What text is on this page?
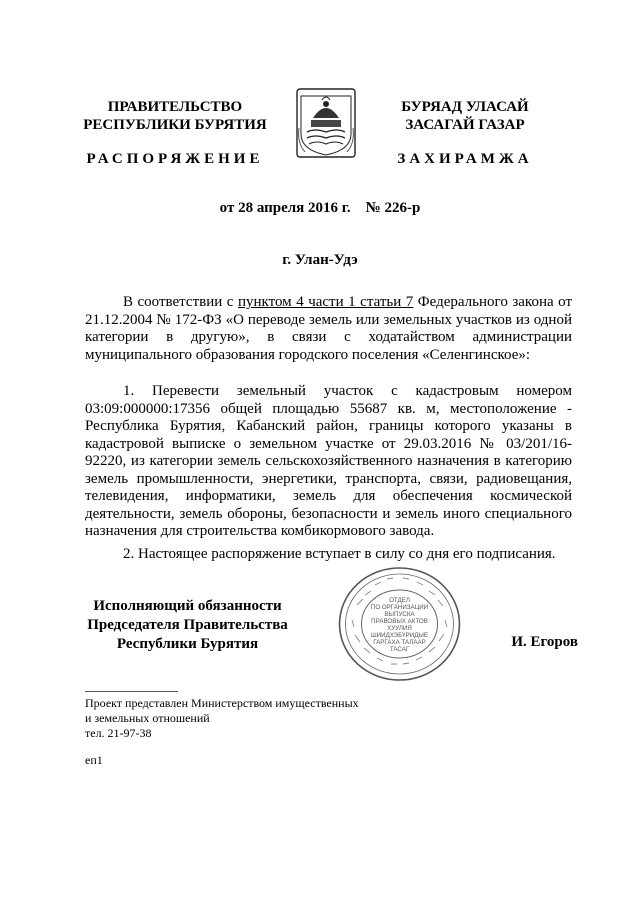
ПРАВИТЕЛЬСТВО
РЕСПУБЛИКИ БУРЯТИЯ
РАСПОРЯЖЕНИЕ
БУРЯАД УЛАСАЙ
ЗАСАГАЙ ГАЗАР
ЗАХИРАМЖА
от 28 апреля 2016 г.    № 226-р
г. Улан-Удэ

В соответствии с пунктом 4 части 1 статьи 7 Федерального закона от 21.12.2004 № 172-ФЗ «О переводе земель или земельных участков из одной категории в другую», в связи с ходатайством администрации муниципального образования городского поселения «Селенгинское»:

1. Перевести земельный участок с кадастровым номером 03:09:000000:17356 общей площадью 55687 кв. м, местоположение - Республика Бурятия, Кабанский район, границы которого указаны в кадастровой выписке о земельном участке от 29.03.2016 № 03/201/16-92220, из категории земель сельскохозяйственного назначения в категорию земель промышленности, энергетики, транспорта, связи, радиовещания, телевидения, информатики, земель для обеспечения космической деятельности, земель обороны, безопасности и земель иного специального назначения для строительства комбикормового завода.

2. Настоящее распоряжение вступает в силу со дня его подписания.

Исполняющий обязанности
Председателя Правительства
Республики Бурятия
ОТДЕЛ
ПО ОРГАНИЗАЦИИ
ВЫПУСКА
ПРАВОВЫХ АКТОВ
ХУУЛИЯ
ШИИДХЭБҮРИДЫЕ
ГАРГАХА ТАЛААР
ТАСАГ	И. Егоров
Проект представлен Министерством имущественных
и земельных отношений
тел. 21-97-38
еп1
